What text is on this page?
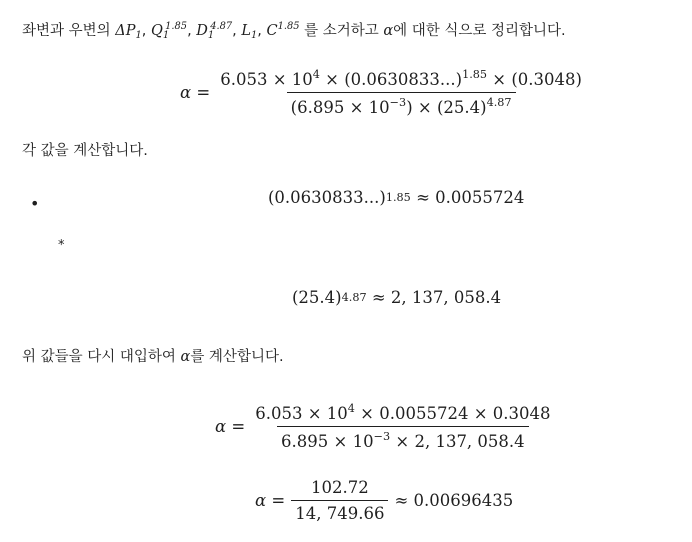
좌변과 우변의 $\Delta P_1$, $Q_1^{1.85}$, $D_1^{4.87}$, $L_1$, $C^{1.85}$ 를 소거하고 α에 대한 식으로 정리합니다.
$\alpha = \frac{6.053 \times 10^4 \times (0.0630833...)^{1.85} \times (0.3048)}{(6.895 \times 10^{-3}) \times (25.4)^{4.87}}$
각 값을 계산합니다.
•	(0.0630833...) 1.85 ≈ 0.0055724
*
(25.4) 4.87 ≈ 2, 137, 058.4
위 값들을 다시 대입하여 α를 계산합니다.
$\alpha = \frac{6.053 \times 10^4 \times 0.0055724 \times 0.3048}{6.895 \times 10^{-3} \times 2, 137, 058.4}$
$\alpha = \frac{102.72}{14, 749.66} \approx 0.00696435$
